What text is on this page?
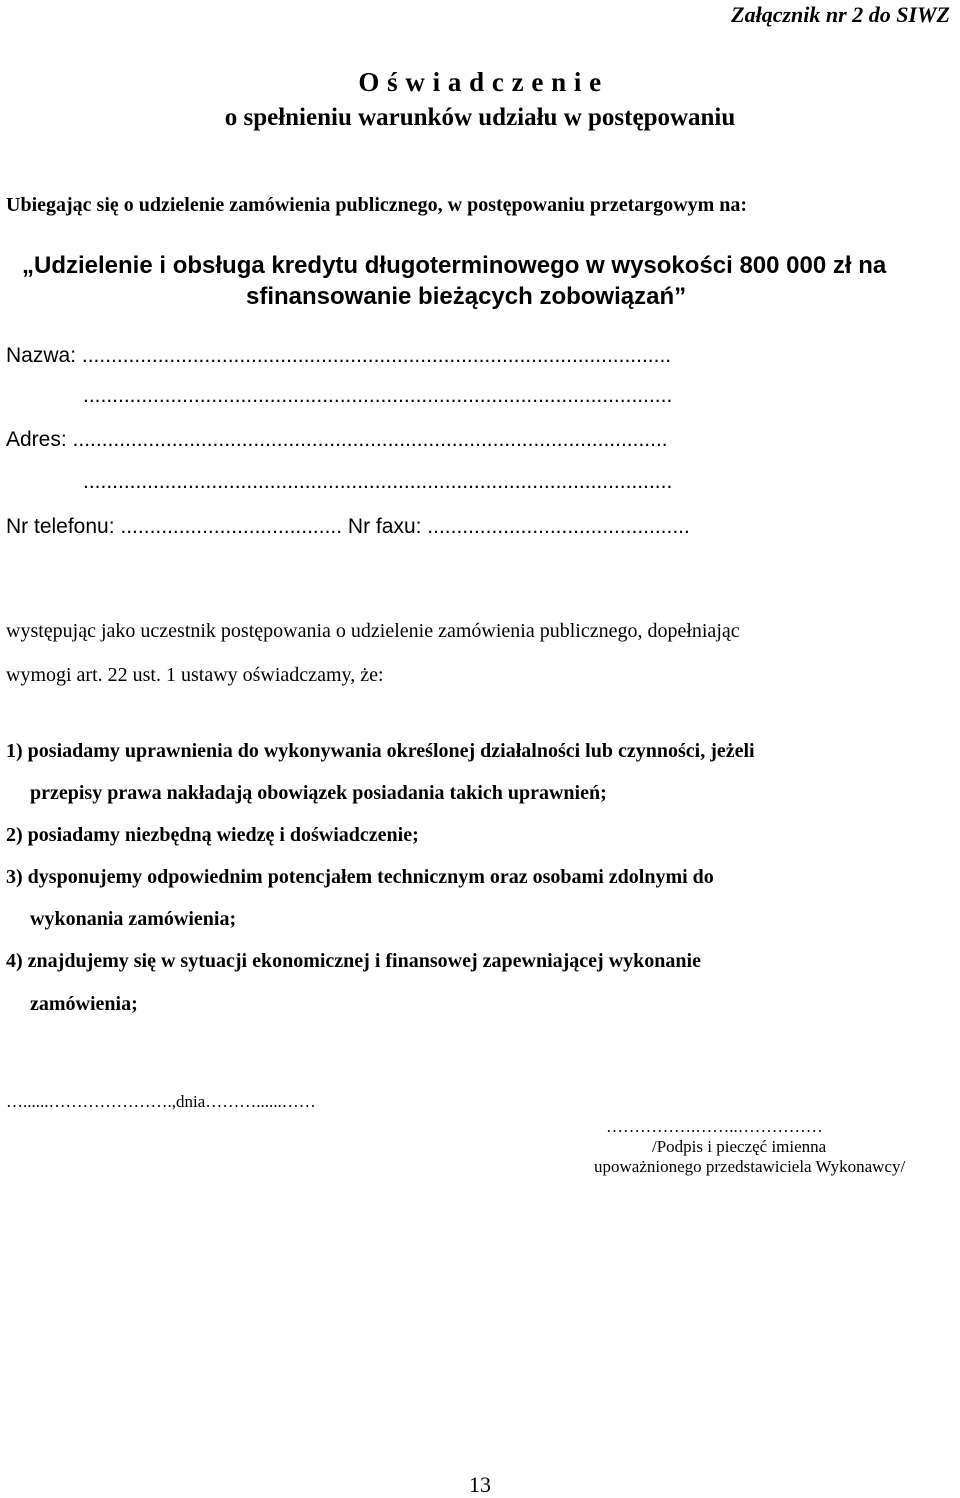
Załącznik nr 2 do SIWZ
O ś w i a d c z e n i e
o spełnieniu warunków udziału w postępowaniu
Ubiegając się o udzielenie zamówienia publicznego, w postępowaniu przetargowym na:
„Udzielenie i obsługa kredytu długoterminowego w wysokości 800 000 zł na
sfinansowanie bieżących zobowiązań”
Nazwa: .....................................................................................................
.....................................................................................................
Adres: ......................................................................................................
.....................................................................................................
Nr telefonu: ...................................... Nr faxu: .............................................
występując jako uczestnik postępowania o udzielenie zamówienia publicznego, dopełniając
wymogi art. 22 ust. 1 ustawy oświadczamy, że:
1) posiadamy uprawnienia do wykonywania określonej działalności lub czynności, jeżeli
przepisy prawa nakładają obowiązek posiadania takich uprawnień;
2) posiadamy niezbędną wiedzę i doświadczenie;
3) dysponujemy odpowiednim potencjałem technicznym oraz osobami zdolnymi do
wykonania zamówienia;
4) znajdujemy się w sytuacji ekonomicznej i finansowej zapewniającej wykonanie
zamówienia;
…......………………….,dnia………......……
…………….……..……………
/Podpis i pieczęć imienna
upoważnionego przedstawiciela Wykonawcy/
13
